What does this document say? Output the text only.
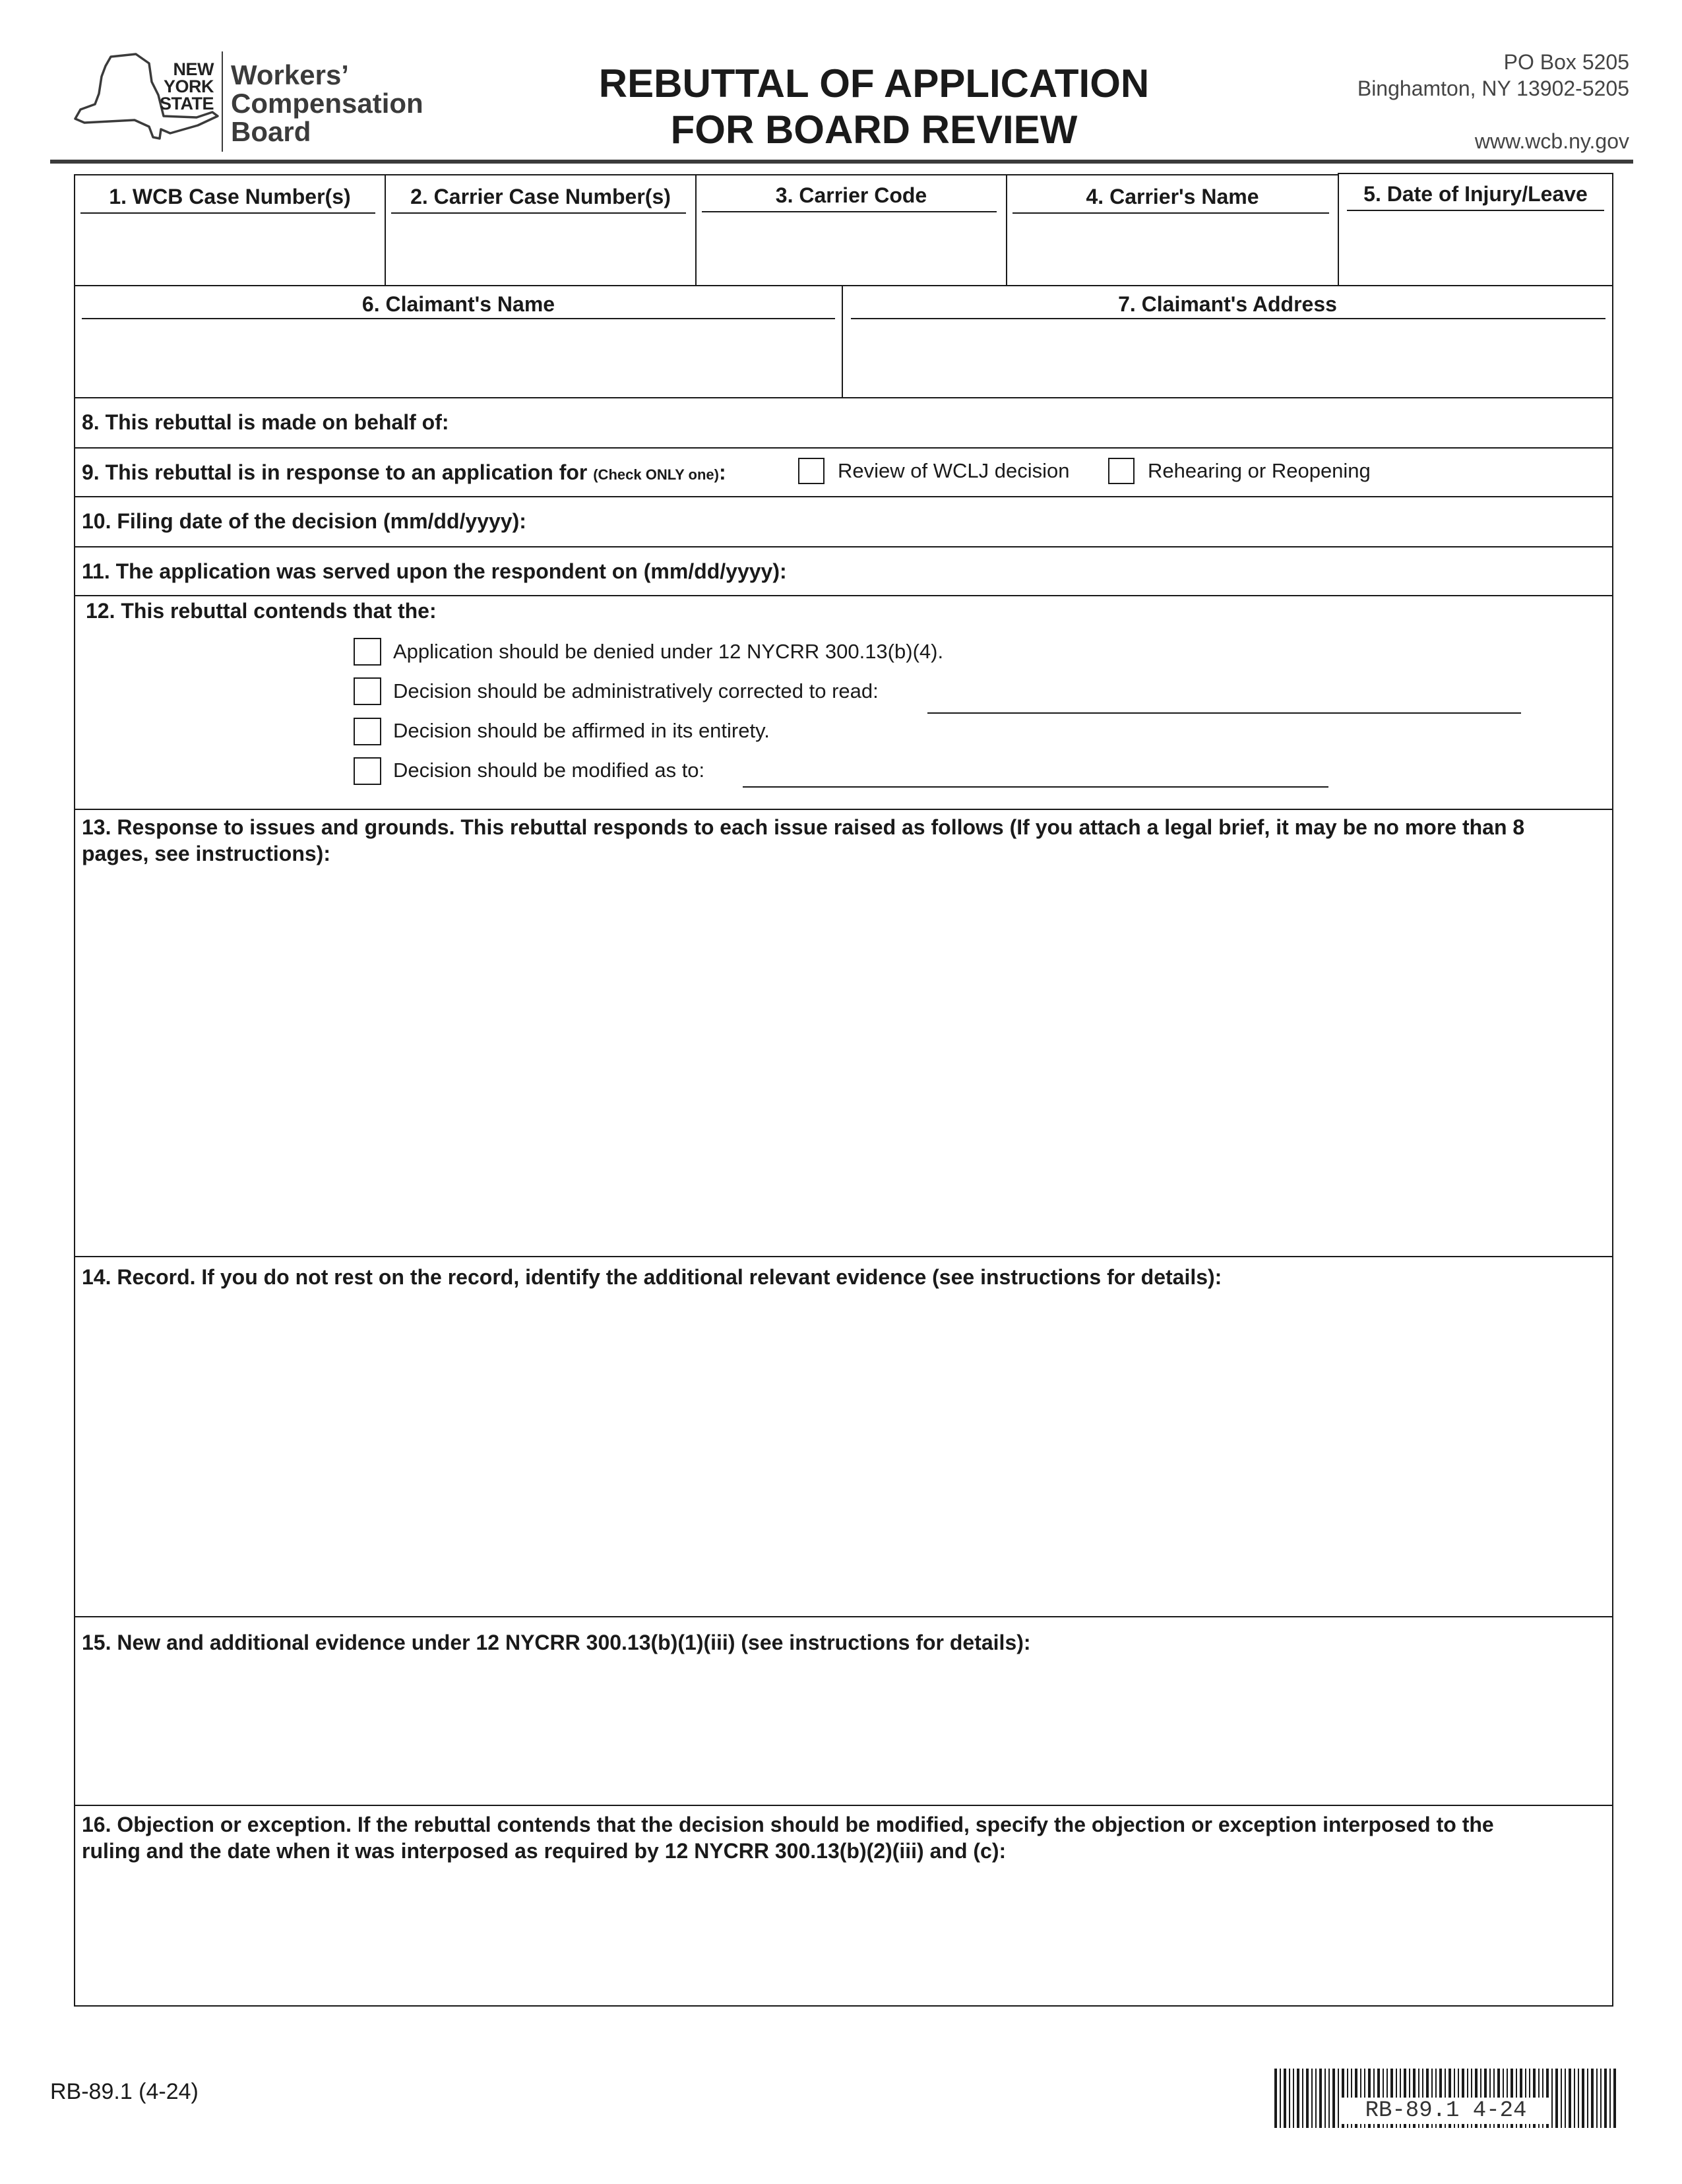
NEW
YORK
STATE
Workers’
Compensation
Board
REBUTTAL OF APPLICATION
FOR BOARD REVIEW
PO Box 5205
Binghamton, NY 13902-5205
www.wcb.ny.gov
1. WCB Case Number(s)	2. Carrier Case Number(s)	3. Carrier Code	4. Carrier's Name	5. Date of Injury/Leave
6. Claimant's Name	7. Claimant's Address
8. This rebuttal is made on behalf of:
9. This rebuttal is in response to an application for (Check ONLY one):	Review of WCLJ decision	Rehearing or Reopening
10. Filing date of the decision (mm/dd/yyyy):
11. The application was served upon the respondent on (mm/dd/yyyy):
12. This rebuttal contends that the:
Application should be denied under 12 NYCRR 300.13(b)(4).
Decision should be administratively corrected to read:
Decision should be affirmed in its entirety.
Decision should be modified as to:
13. Response to issues and grounds. This rebuttal responds to each issue raised as follows (If you attach a legal brief, it may be no more than 8
pages, see instructions):
14. Record. If you do not rest on the record, identify the additional relevant evidence (see instructions for details):
15. New and additional evidence under 12 NYCRR 300.13(b)(1)(iii) (see instructions for details):
16. Objection or exception. If the rebuttal contends that the decision should be modified, specify the objection or exception interposed to the
ruling and the date when it was interposed as required by 12 NYCRR 300.13(b)(2)(iii) and (c):
RB-89.1 (4-24)
RB-89.1 4-24
